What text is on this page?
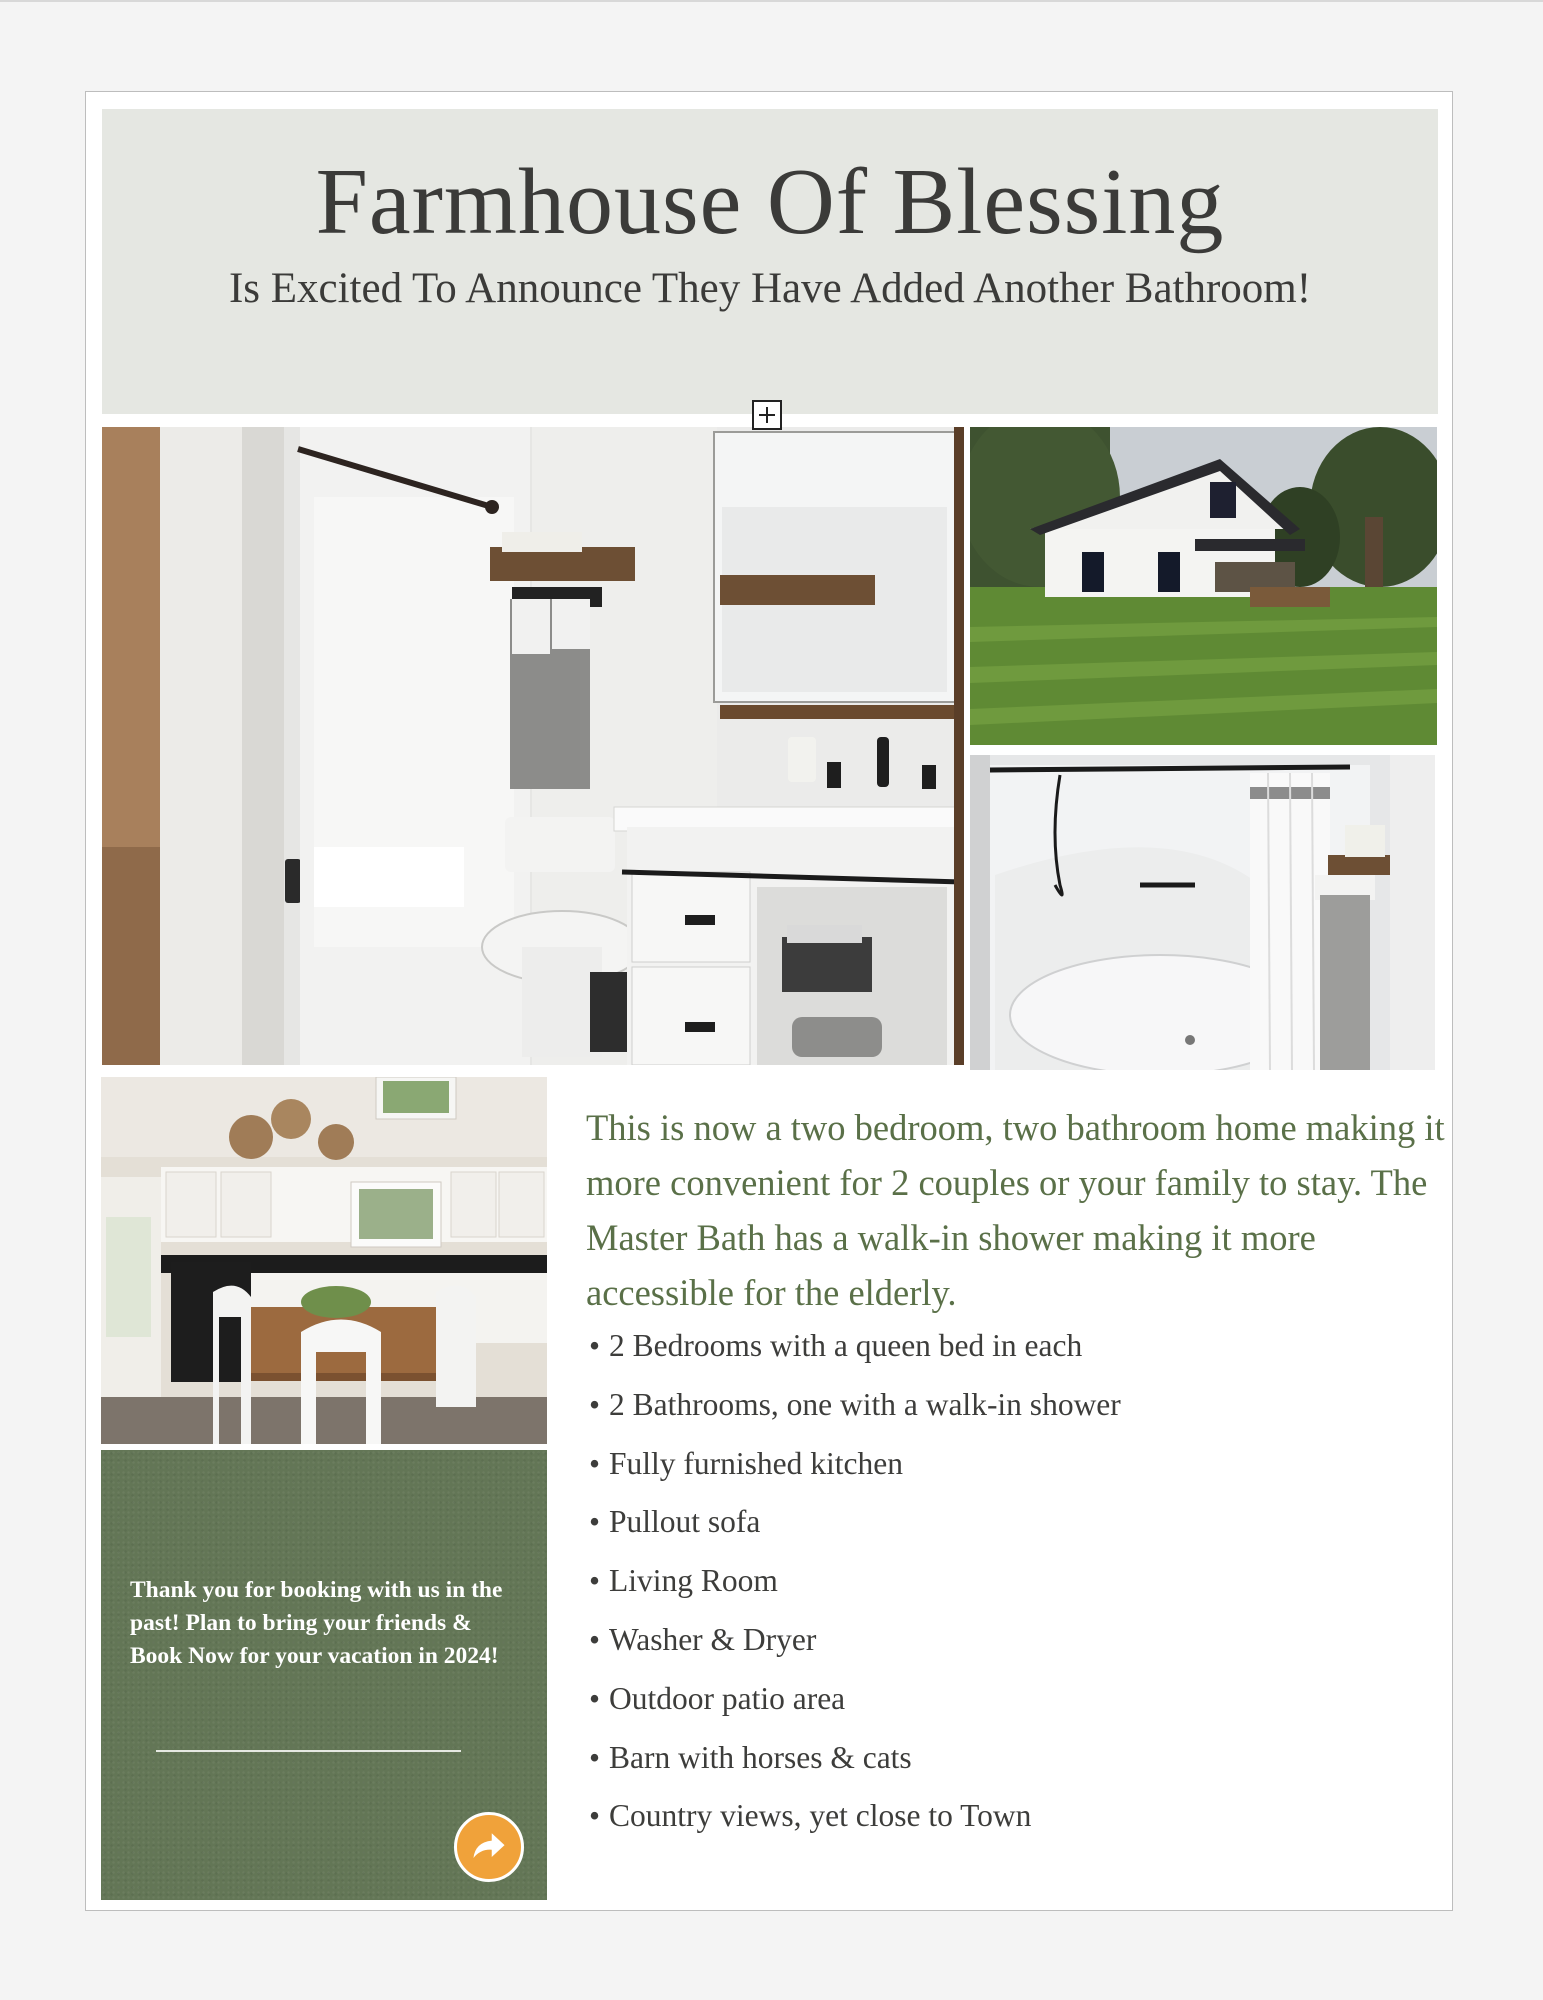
Farmhouse Of Blessing
Is Excited To Announce They Have Added Another Bathroom!

Thank you for booking with us in the past! Plan to bring your friends & Book Now for your vacation in 2024!

This is now a two bedroom, two bathroom home making it more convenient for 2 couples or your family to stay. The Master Bath has a walk-in shower making it more accessible for the elderly.
• 2 Bedrooms with a queen bed in each
• 2 Bathrooms, one with a walk-in shower
• Fully furnished kitchen
• Pullout sofa
• Living Room
• Washer & Dryer
• Outdoor patio area
• Barn with horses & cats
• Country views, yet close to Town
